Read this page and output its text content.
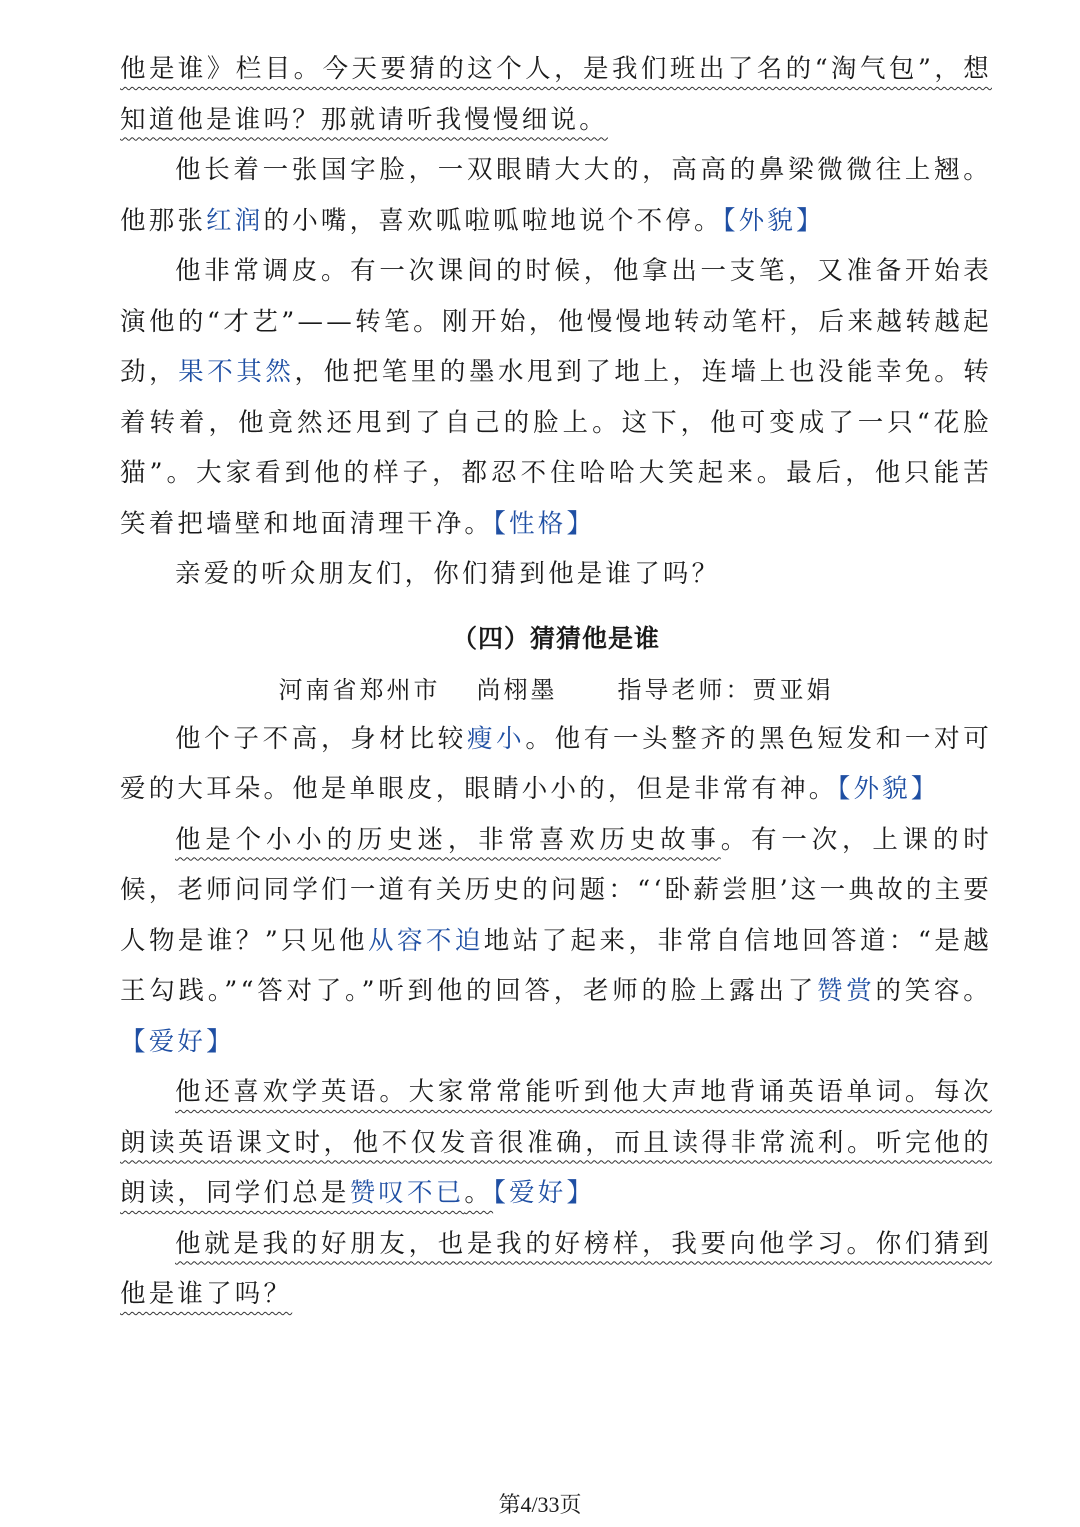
他是谁》栏目。今天要猜的这个人，是我们班出了名的“淘气包”，想知道他是谁吗？那就请听我慢慢细说。

他长着一张国字脸，一双眼睛大大的，高高的鼻梁微微往上翘。他那张红润的小嘴，喜欢呱啦呱啦地说个不停。【外貌】

他非常调皮。有一次课间的时候，他拿出一支笔，又准备开始表演他的“才艺”——转笔。刚开始，他慢慢地转动笔杆，后来越转越起劲，果不其然，他把笔里的墨水甩到了地上，连墙上也没能幸免。转着转着，他竟然还甩到了自己的脸上。这下，他可变成了一只“花脸猫”。大家看到他的样子，都忍不住哈哈大笑起来。最后，他只能苦笑着把墙壁和地面清理干净。【性格】

亲爱的听众朋友们，你们猜到他是谁了吗？

（四）猜猜他是谁

河南省郑州市 尚栩墨	指导老师：贾亚娟

他个子不高，身材比较瘦小。他有一头整齐的黑色短发和一对可爱的大耳朵。他是单眼皮，眼睛小小的，但是非常有神。【外貌】

他是个小小的历史迷，非常喜欢历史故事。有一次，上课的时候，老师问同学们一道有关历史的问题：“‘卧薪尝胆’这一典故的主要人物是谁？”只见他从容不迫地站了起来，非常自信地回答道：“是越王勾践。”“答对了。”听到他的回答，老师的脸上露出了赞赏的笑容。【爱好】

他还喜欢学英语。大家常常能听到他大声地背诵英语单词。每次朗读英语课文时，他不仅发音很准确，而且读得非常流利。听完他的朗读，同学们总是赞叹不已。【爱好】

他就是我的好朋友，也是我的好榜样，我要向他学习。你们猜到他是谁了吗？

第4/33页
